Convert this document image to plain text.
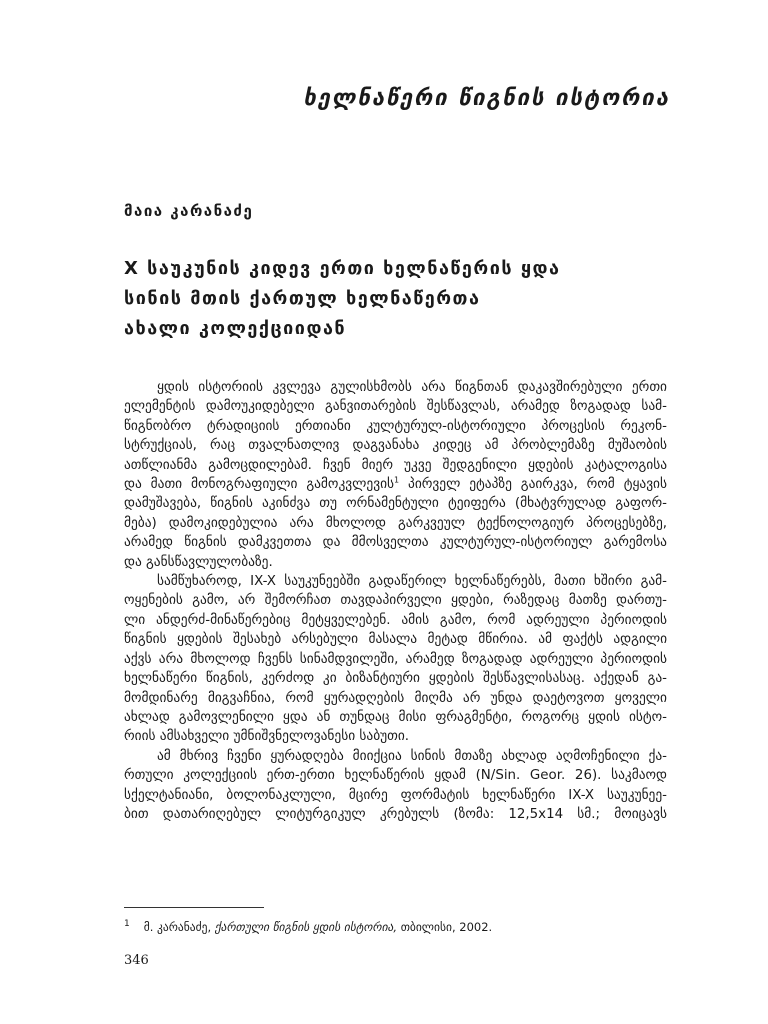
ხელნაწერი წიგნის ისტორია
მაია კარანაძე
X საუკუნის კიდევ ერთი ხელნაწერის ყდა
სინის მთის ქართულ ხელნაწერთა
ახალი კოლექციიდან
ყდის ისტორიის კვლევა გულისხმობს არა წიგნთან დაკავშირებული ერთი
ელემენტის დამოუკიდებელი განვითარების შესწავლას, არამედ ზოგადად სამ-
წიგნობრო ტრადიციის ერთიანი კულტურულ-ისტორიული პროცესის რეკონ-
სტრუქციას, რაც თვალნათლივ დაგვანახა კიდეც ამ პრობლემაზე მუშაობის
ათწლიანმა გამოცდილებამ. ჩვენ მიერ უკვე შედგენილი ყდების კატალოგისა
და მათი მონოგრაფიული გამოკვლევის$^1$ პირველ ეტაპზე გაირკვა, რომ ტყავის
დამუშავება, წიგნის აკინძვა თუ ორნამენტული ტეიფერა (მხატვრულად გაფორ-
მება) დამოკიდებულია არა მხოლოდ გარკვეულ ტექნოლოგიურ პროცესებზე,
არამედ წიგნის დამკვეთთა და მმოსველთა კულტურულ-ისტორიულ გარემოსა
და განსწავლულობაზე.
სამწუხაროდ, IX-X საუკუნეებში გადაწერილ ხელნაწერებს, მათი ხშირი გამ-
ოყენების გამო, არ შემორჩათ თავდაპირველი ყდები, რაზედაც მათზე დართუ-
ლი ანდერძ-მინაწერებიც მეტყველებენ. ამის გამო, რომ ადრეული პერიოდის
წიგნის ყდების შესახებ არსებული მასალა მეტად მწირია. ამ ფაქტს ადგილი
აქვს არა მხოლოდ ჩვენს სინამდვილეში, არამედ ზოგადად ადრეული პერიოდის
ხელნაწერი წიგნის, კერძოდ კი ბიზანტიური ყდების შესწავლისასაც. აქედან გა-
მომდინარე მიგვაჩნია, რომ ყურადღების მიღმა არ უნდა დაეტოვოთ ყოველი
ახლად გამოვლენილი ყდა ან თუნდაც მისი ფრაგმენტი, როგორც ყდის ისტო-
რიის ამსახველი უმნიშვნელოვანესი საბუთი.
ამ მხრივ ჩვენი ყურადღება მიიქცია სინის მთაზე ახლად აღმოჩენილი ქა-
რთული კოლექციის ერთ-ერთი ხელნაწერის ყდამ (N/Sin. Geor. 26). საკმაოდ
სქელტანიანი, ბოლონაკლული, მცირე ფორმატის ხელნაწერი IX-X საუკუნეე-
ბით დათარიღებულ ლიტურგიკულ კრებულს (ზომა: 12,5x14 სმ.; მოიცავს
$^1$ მ. კარანაძე, ქართული წიგნის ყდის ისტორია, თბილისი, 2002.
346
